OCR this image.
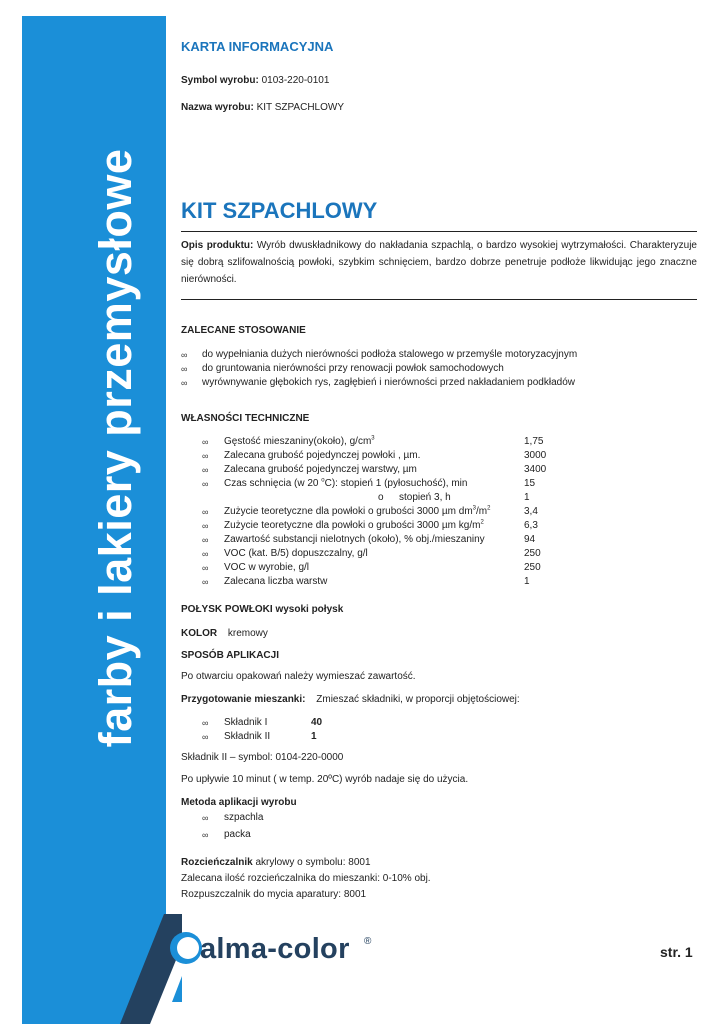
farby i lakiery przemysłowe
alma-color ®
str. 1
KARTA INFORMACYJNA
Symbol wyrobu: 0103-220-0101
Nazwa wyrobu: KIT SZPACHLOWY
KIT SZPACHLOWY
Opis produktu: Wyrób dwuskładnikowy do nakładania szpachlą, o bardzo wysokiej wytrzymałości. Charakteryzuje się dobrą szlifowalnością powłoki, szybkim schnięciem, bardzo dobrze penetruje podłoże likwidując jego znaczne nierówności.
ZALECANE STOSOWANIE
∞ do wypełniania dużych nierówności podłoża stalowego w przemyśle motoryzacyjnym
∞ do gruntowania nierówności przy renowacji powłok samochodowych
∞ wyrównywanie głębokich rys, zagłębień i nierówności przed nakładaniem podkładów
WŁASNOŚCI TECHNICZNE
∞ Gęstość mieszaniny(około), $g/cm^3$	1,75
∞ Zalecana grubość pojedynczej powłoki , µm.	3000
∞ Zalecana grubość pojedynczej warstwy, µm	3400
∞ Czas schnięcia (w 20 $^o$C): stopień 1 (pyłosuchość), min	15
o stopień 3, h	1
∞ Zużycie teoretyczne dla powłoki o grubości 3000 µm $dm^3/m^2$	3,4
∞ Zużycie teoretyczne dla powłoki o grubości 3000 µm $kg/m^2$	6,3
∞ Zawartość substancji nielotnych (około), % obj./mieszaniny	94
∞ VOC (kat. B/5) dopuszczalny, g/l	250
∞ VOC w wyrobie, g/l	250
∞ Zalecana liczba warstw	1
POŁYSK POWŁOKI wysoki połysk
KOLOR kremowy
SPOSÓB APLIKACJI
Po otwarciu opakowań należy wymieszać zawartość.
Przygotowanie mieszanki: Zmieszać składniki, w proporcji objętościowej:
∞ Składnik I	40
∞ Składnik II	1
Składnik II – symbol: 0104-220-0000
Po upływie 10 minut ( w temp. 20ºC) wyrób nadaje się do użycia.
Metoda aplikacji wyrobu
∞ szpachla
∞ packa
Rozcieńczalnik akrylowy o symbolu: 8001
Zalecana ilość rozcieńczalnika do mieszanki: 0-10% obj.
Rozpuszczalnik do mycia aparatury: 8001
